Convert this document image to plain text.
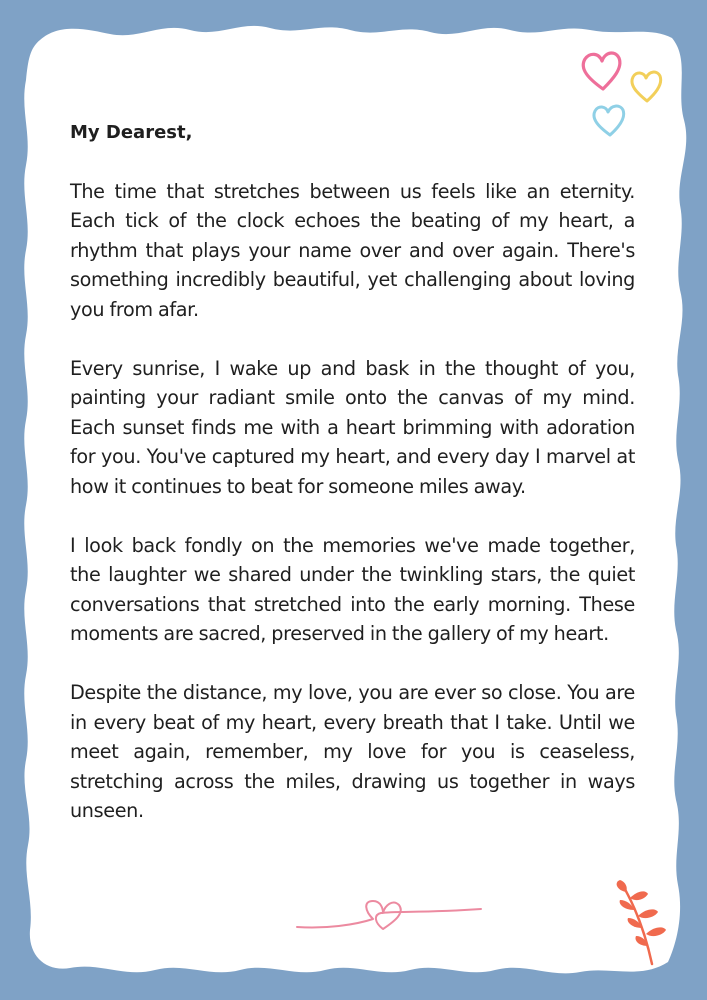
My Dearest,

The time that stretches between us feels like an eternity. Each tick of the clock echoes the beating of my heart, a rhythm that plays your name over and over again. There's something incredibly beautiful, yet challenging about loving you from afar.

Every sunrise, I wake up and bask in the thought of you, painting your radiant smile onto the canvas of my mind. Each sunset finds me with a heart brimming with adoration for you. You've captured my heart, and every day I marvel at how it continues to beat for someone miles away.

I look back fondly on the memories we've made together, the laughter we shared under the twinkling stars, the quiet conversations that stretched into the early morning. These moments are sacred, preserved in the gallery of my heart.

Despite the distance, my love, you are ever so close. You are in every beat of my heart, every breath that I take. Until we meet again, remember, my love for you is ceaseless, stretching across the miles, drawing us together in ways unseen.
